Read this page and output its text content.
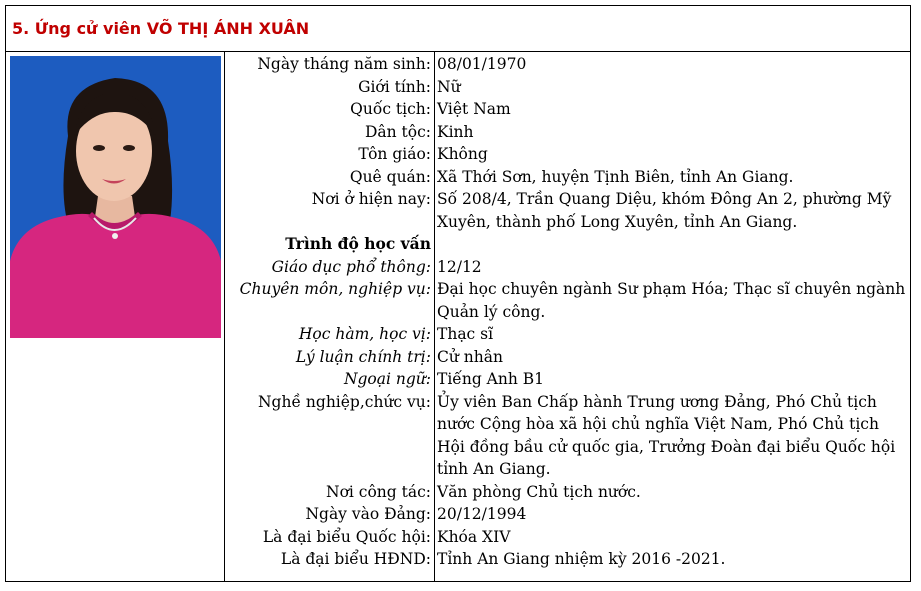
5. Ứng cử viên VÕ THỊ ÁNH XUÂN
Ngày tháng năm sinh:
Giới tính:
Quốc tịch:
Dân tộc:
Tôn giáo:
Quê quán:
Nơi ở hiện nay:
Trình độ học vấn
Giáo dục phổ thông:
Chuyên môn, nghiệp vụ:
Học hàm, học vị:
Lý luận chính trị:
Ngoại ngữ:
Nghề nghiệp,chức vụ:
Nơi công tác:
Ngày vào Đảng:
Là đại biểu Quốc hội:
Là đại biểu HĐND:
08/01/1970
Nữ
Việt Nam
Kinh
Không
Xã Thới Sơn, huyện Tịnh Biên, tỉnh An Giang.
Số 208/4, Trần Quang Diệu, khóm Đông An 2, phường Mỹ Xuyên, thành phố Long Xuyên, tỉnh An Giang.
12/12
Đại học chuyên ngành Sư phạm Hóa; Thạc sĩ chuyên ngành Quản lý công.
Thạc sĩ
Cử nhân
Tiếng Anh B1
Ủy viên Ban Chấp hành Trung ương Đảng, Phó Chủ tịch nước Cộng hòa xã hội chủ nghĩa Việt Nam, Phó Chủ tịch Hội đồng bầu cử quốc gia, Trưởng Đoàn đại biểu Quốc hội tỉnh An Giang.
Văn phòng Chủ tịch nước.
20/12/1994
Khóa XIV
Tỉnh An Giang nhiệm kỳ 2016 -2021.
